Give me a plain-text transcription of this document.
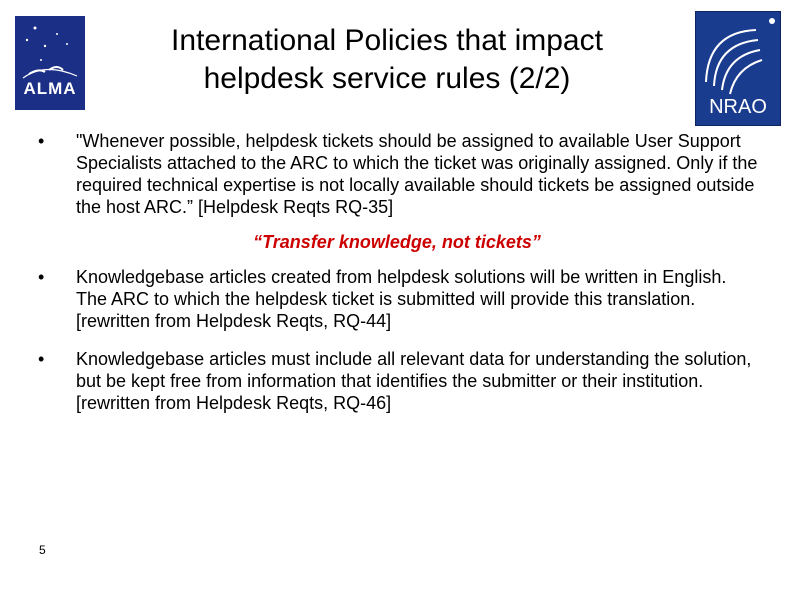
ALMA
International Policies that impact
helpdesk service rules (2/2)
NRAO
•	"Whenever possible, helpdesk tickets should be assigned to available User Support Specialists attached to the ARC to which the ticket was originally assigned. Only if the required technical expertise is not locally available should tickets be assigned outside the host ARC.” [Helpdesk Reqts RQ-35]
“Transfer knowledge, not tickets”
•	Knowledgebase articles created from helpdesk solutions will be written in English. The ARC to which the helpdesk ticket is submitted will provide this translation. [rewritten from Helpdesk Reqts, RQ-44]
•	Knowledgebase articles must include all relevant data for understanding the solution, but be kept free from information that identifies the submitter or their institution. [rewritten from Helpdesk Reqts, RQ-46]
5
